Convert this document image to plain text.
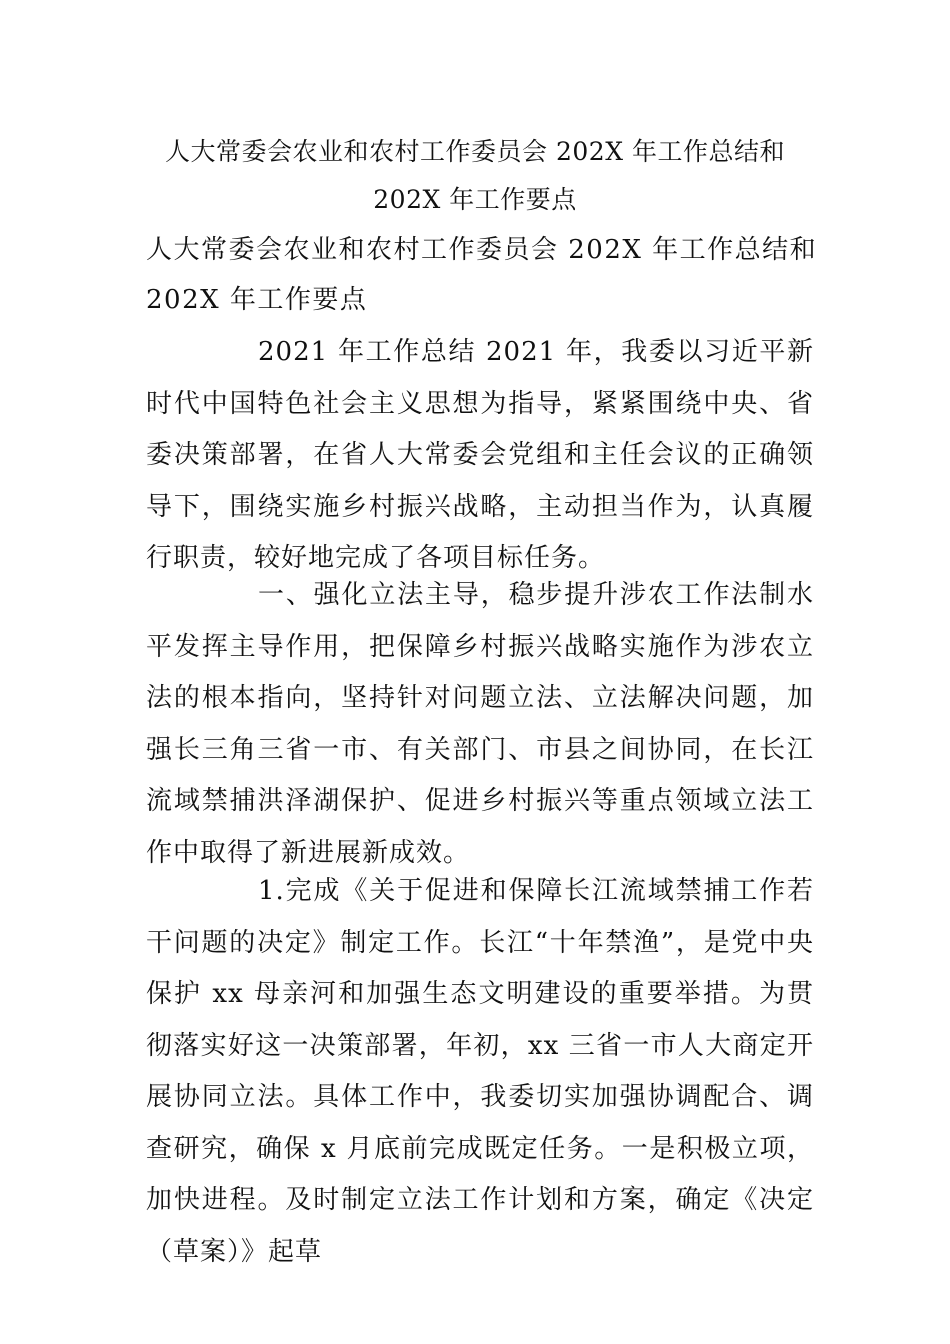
人大常委会农业和农村工作委员会 202X 年工作总结和
202X 年工作要点
人大常委会农业和农村工作委员会 202X 年工作总结和
202X 年工作要点

2021 年工作总结 2021 年，我委以习近平新时代中国特色社会主义思想为指导，紧紧围绕中央、省委决策部署，在省人大常委会党组和主任会议的正确领导下，围绕实施乡村振兴战略，主动担当作为，认真履行职责，较好地完成了各项目标任务。

一、强化立法主导，稳步提升涉农工作法制水平发挥主导作用，把保障乡村振兴战略实施作为涉农立法的根本指向，坚持针对问题立法、立法解决问题，加强长三角三省一市、有关部门、市县之间协同，在长江流域禁捕洪泽湖保护、促进乡村振兴等重点领域立法工作中取得了新进展新成效。

1.完成《关于促进和保障长江流域禁捕工作若干问题的决定》制定工作。长江“十年禁渔”，是党中央保护 xx 母亲河和加强生态文明建设的重要举措。为贯彻落实好这一决策部署，年初，xx 三省一市人大商定开展协同立法。具体工作中，我委切实加强协调配合、调查研究，确保 x 月底前完成既定任务。一是积极立项，加快进程。及时制定立法工作计划和方案，确定《决定（草案）》起草
